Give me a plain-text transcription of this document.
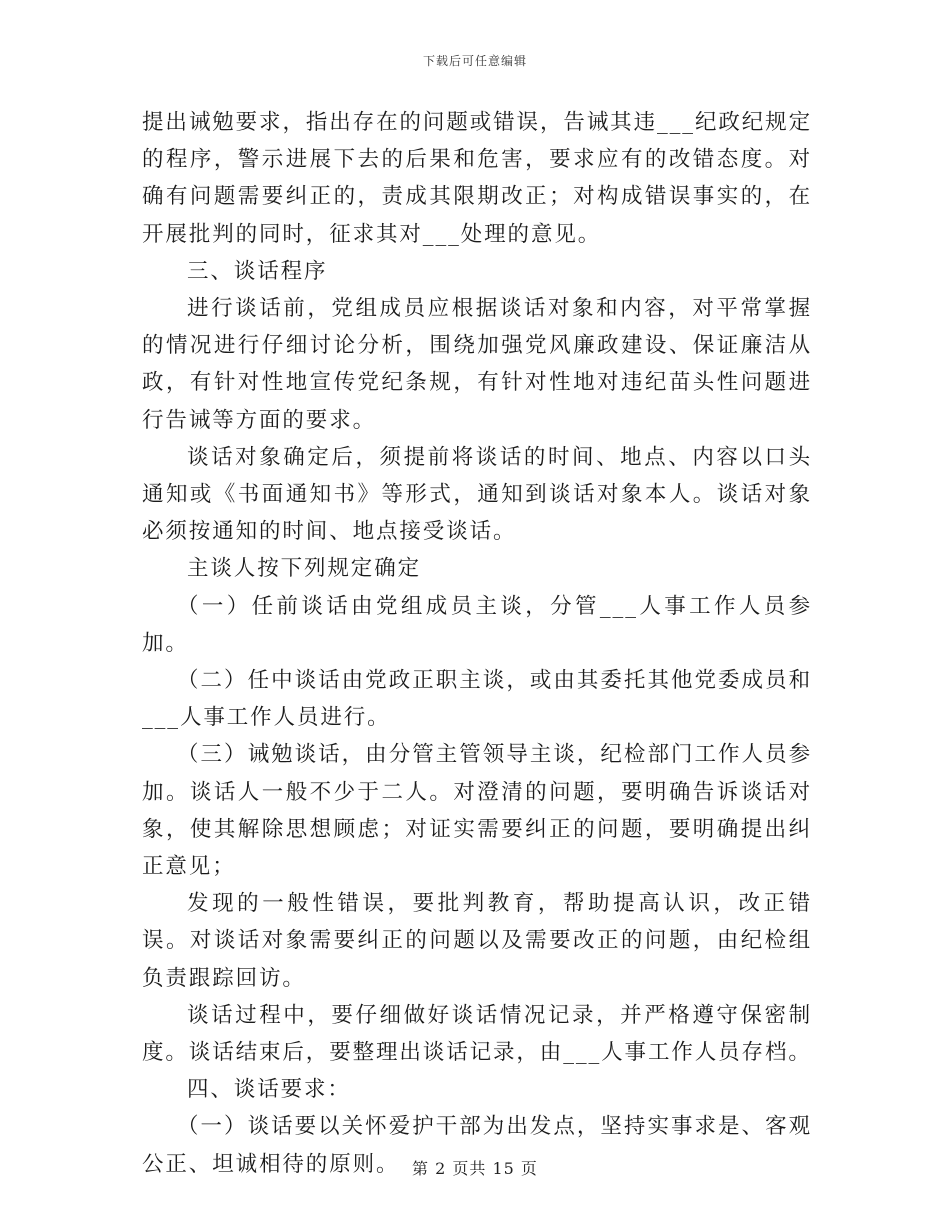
下载后可任意编辑

提出诫勉要求，指出存在的问题或错误，告诫其违___纪政纪规定的程序，警示进展下去的后果和危害，要求应有的改错态度。对确有问题需要纠正的，责成其限期改正；对构成错误事实的，在开展批判的同时，征求其对___处理的意见。

三、谈话程序

进行谈话前，党组成员应根据谈话对象和内容，对平常掌握的情况进行仔细讨论分析，围绕加强党风廉政建设、保证廉洁从政，有针对性地宣传党纪条规，有针对性地对违纪苗头性问题进行告诫等方面的要求。

谈话对象确定后，须提前将谈话的时间、地点、内容以口头通知或《书面通知书》等形式，通知到谈话对象本人。谈话对象必须按通知的时间、地点接受谈话。

主谈人按下列规定确定

（一）任前谈话由党组成员主谈，分管___人事工作人员参加。

（二）任中谈话由党政正职主谈，或由其委托其他党委成员和___人事工作人员进行。

（三）诫勉谈话，由分管主管领导主谈，纪检部门工作人员参加。谈话人一般不少于二人。对澄清的问题，要明确告诉谈话对象，使其解除思想顾虑；对证实需要纠正的问题，要明确提出纠正意见；

发现的一般性错误，要批判教育，帮助提高认识，改正错误。对谈话对象需要纠正的问题以及需要改正的问题，由纪检组负责跟踪回访。

谈话过程中，要仔细做好谈话情况记录，并严格遵守保密制度。谈话结束后，要整理出谈话记录，由___人事工作人员存档。

四、谈话要求：

（一）谈话要以关怀爱护干部为出发点，坚持实事求是、客观公正、坦诚相待的原则。 第 2 页共 15 页
